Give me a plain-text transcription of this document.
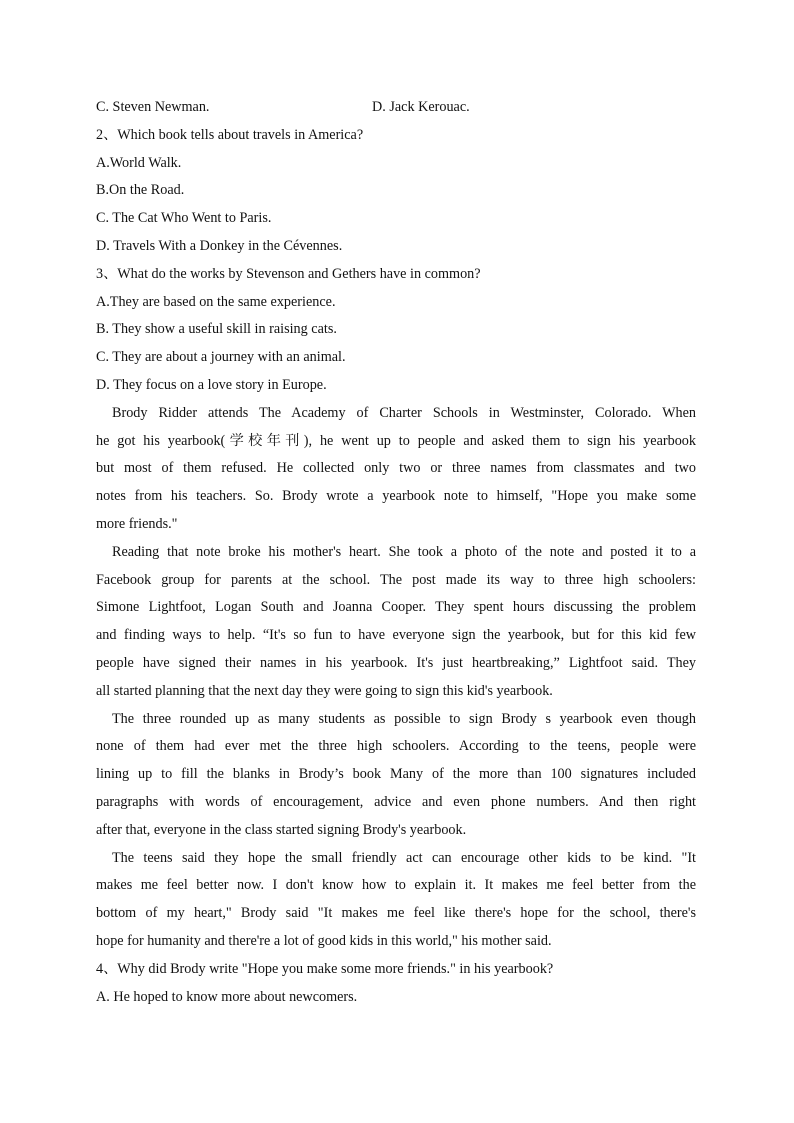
C. Steven Newman.	D. Jack Kerouac.
2、Which book tells about travels in America?
A.World Walk.
B.On the Road.
C. The Cat Who Went to Paris.
D. Travels With a Donkey in the Cévennes.
3、What do the works by Stevenson and Gethers have in common?
A.They are based on the same experience.
B. They show a useful skill in raising cats.
C. They are about a journey with an animal.
D. They focus on a love story in Europe.
Brody Ridder attends The Academy of Charter Schools in Westminster, Colorado. When
he got his yearbook(学校年刊), he went up to people and asked them to sign his yearbook
but most of them refused. He collected only two or three names from classmates and two
notes from his teachers. So. Brody wrote a yearbook note to himself, "Hope you make some
more friends."
Reading that note broke his mother's heart. She took a photo of the note and posted it to a
Facebook group for parents at the school. The post made its way to three high schoolers:
Simone Lightfoot, Logan South and Joanna Cooper. They spent hours discussing the problem
and finding ways to help. “It's so fun to have everyone sign the yearbook, but for this kid few
people have signed their names in his yearbook. It's just heartbreaking,” Lightfoot said. They
all started planning that the next day they were going to sign this kid's yearbook.
The three rounded up as many students as possible to sign Brody s yearbook even though
none of them had ever met the three high schoolers. According to the teens, people were
lining up to fill the blanks in Brody’s book Many of the more than 100 signatures included
paragraphs with words of encouragement, advice and even phone numbers. And then right
after that, everyone in the class started signing Brody's yearbook.
The teens said they hope the small friendly act can encourage other kids to be kind. "It
makes me feel better now. I don't know how to explain it. It makes me feel better from the
bottom of my heart," Brody said "It makes me feel like there's hope for the school, there's
hope for humanity and there're a lot of good kids in this world," his mother said.
4、Why did Brody write "Hope you make some more friends." in his yearbook?
A. He hoped to know more about newcomers.
